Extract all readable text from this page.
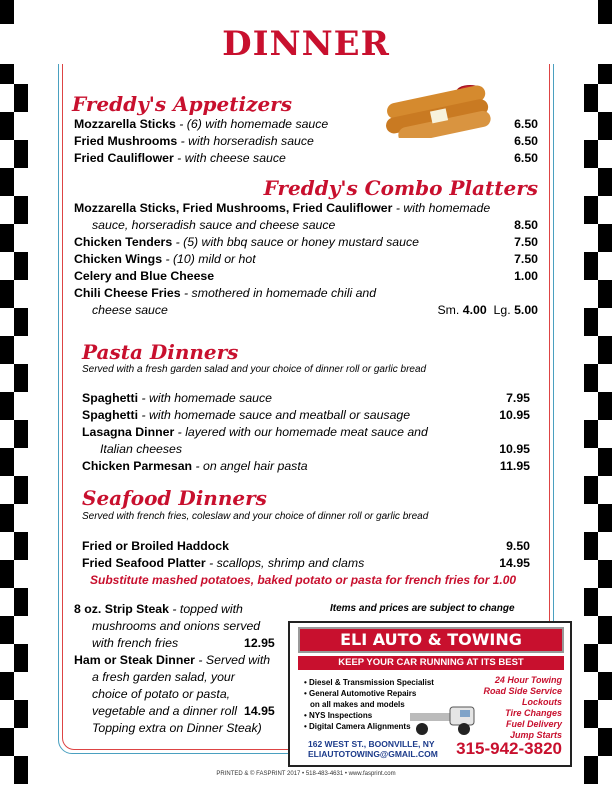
DINNER
Freddy's Appetizers
Mozzarella Sticks - (6) with homemade sauce	6.50
Fried Mushrooms - with horseradish sauce	6.50
Fried Cauliflower - with cheese sauce	6.50
Freddy's Combo Platters
Mozzarella Sticks, Fried Mushrooms, Fried Cauliflower - with homemade
sauce, horseradish sauce and cheese sauce	8.50
Chicken Tenders - (5) with bbq sauce or honey mustard sauce	7.50
Chicken Wings - (10) mild or hot	7.50
Celery and Blue Cheese	1.00
Chili Cheese Fries - smothered in homemade chili and
cheese sauce	Sm. 4.00 Lg. 5.00
Pasta Dinners
Served with a fresh garden salad and your choice of dinner roll or garlic bread
Spaghetti - with homemade sauce	7.95
Spaghetti - with homemade sauce and meatball or sausage	10.95
Lasagna Dinner - layered with our homemade meat sauce and
Italian cheeses	10.95
Chicken Parmesan - on angel hair pasta	11.95
Seafood Dinners
Served with french fries, coleslaw and your choice of dinner roll or garlic bread
Fried or Broiled Haddock	9.50
Fried Seafood Platter - scallops, shrimp and clams	14.95
Substitute mashed potatoes, baked potato or pasta for french fries for 1.00
8 oz. Strip Steak - topped with
mushrooms and onions served
with french fries	12.95
Ham or Steak Dinner - Served with
a fresh garden salad, your
choice of potato or pasta,
vegetable and a dinner roll 14.95
Topping extra on Dinner Steak)
Items and prices are subject to change
ELI AUTO & TOWING
KEEP YOUR CAR RUNNING AT ITS BEST
• Diesel & Transmission Specialist
• General Automotive Repairs
on all makes and models
• NYS Inspections
• Digital Camera Alignments
24 Hour Towing
Road Side Service
Lockouts
Tire Changes
Fuel Delivery
Jump Starts
162 WEST ST., BOONVILLE, NY
ELIAUTOTOWING@GMAIL.COM 315-942-3820
PRINTED & © FASPRINT 2017 • 518-483-4631 • www.fasprint.com
